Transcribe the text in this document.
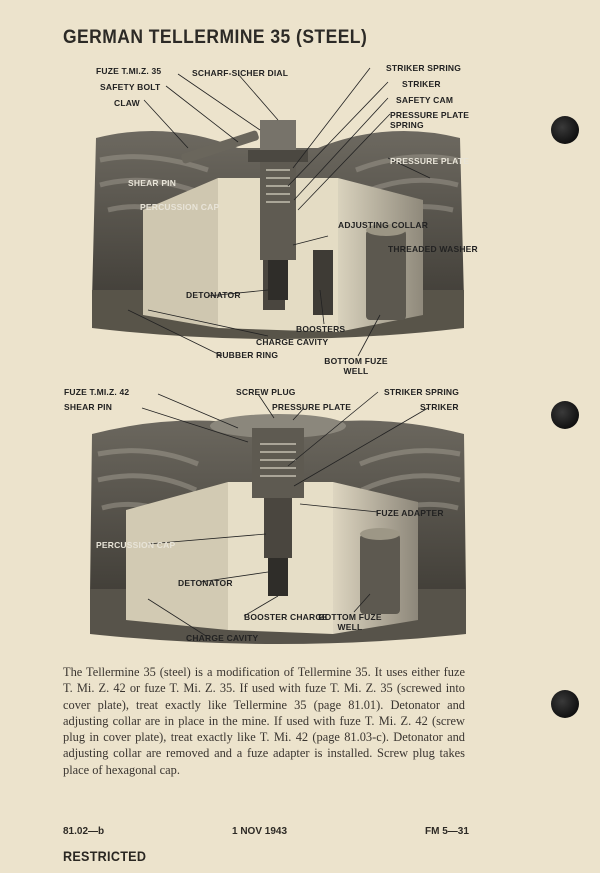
GERMAN TELLERMINE 35 (STEEL)
FUZE T.MI.Z. 35
SAFETY BOLT
CLAW
SCHARF-SICHER DIAL	STRIKER SPRING
STRIKER
SAFETY CAM
PRESSURE PLATE SPRING
PRESSURE PLATE
SHEAR PIN
PERCUSSION CAP
ADJUSTING COLLAR
THREADED WASHER
DETONATOR
BOOSTERS
CHARGE CAVITY
RUBBER RING
BOTTOM FUZE WELL
FUZE T.MI.Z. 42
SHEAR PIN
SCREW PLUG
PRESSURE PLATE
STRIKER SPRING
STRIKER
FUZE ADAPTER
PERCUSSION CAP
DETONATOR
BOOSTER CHARGE
CHARGE CAVITY
BOTTOM FUZE WELL

The Tellermine 35 (steel) is a modification of Tellermine 35. It uses either fuze T. Mi. Z. 42 or fuze T. Mi. Z. 35. If used with fuze T. Mi. Z. 35 (screwed into cover plate), treat exactly like Tellermine 35 (page 81.01). Detonator and adjusting collar are in place in the mine. If used with fuze T. Mi. Z. 42 (screw plug in cover plate), treat exactly like T. Mi. 42 (page 81.03-c). Detonator and adjusting collar are removed and a fuze adapter is installed. Screw plug takes place of hexagonal cap.

81.02—b	1 NOV 1943	FM 5—31
RESTRICTED
